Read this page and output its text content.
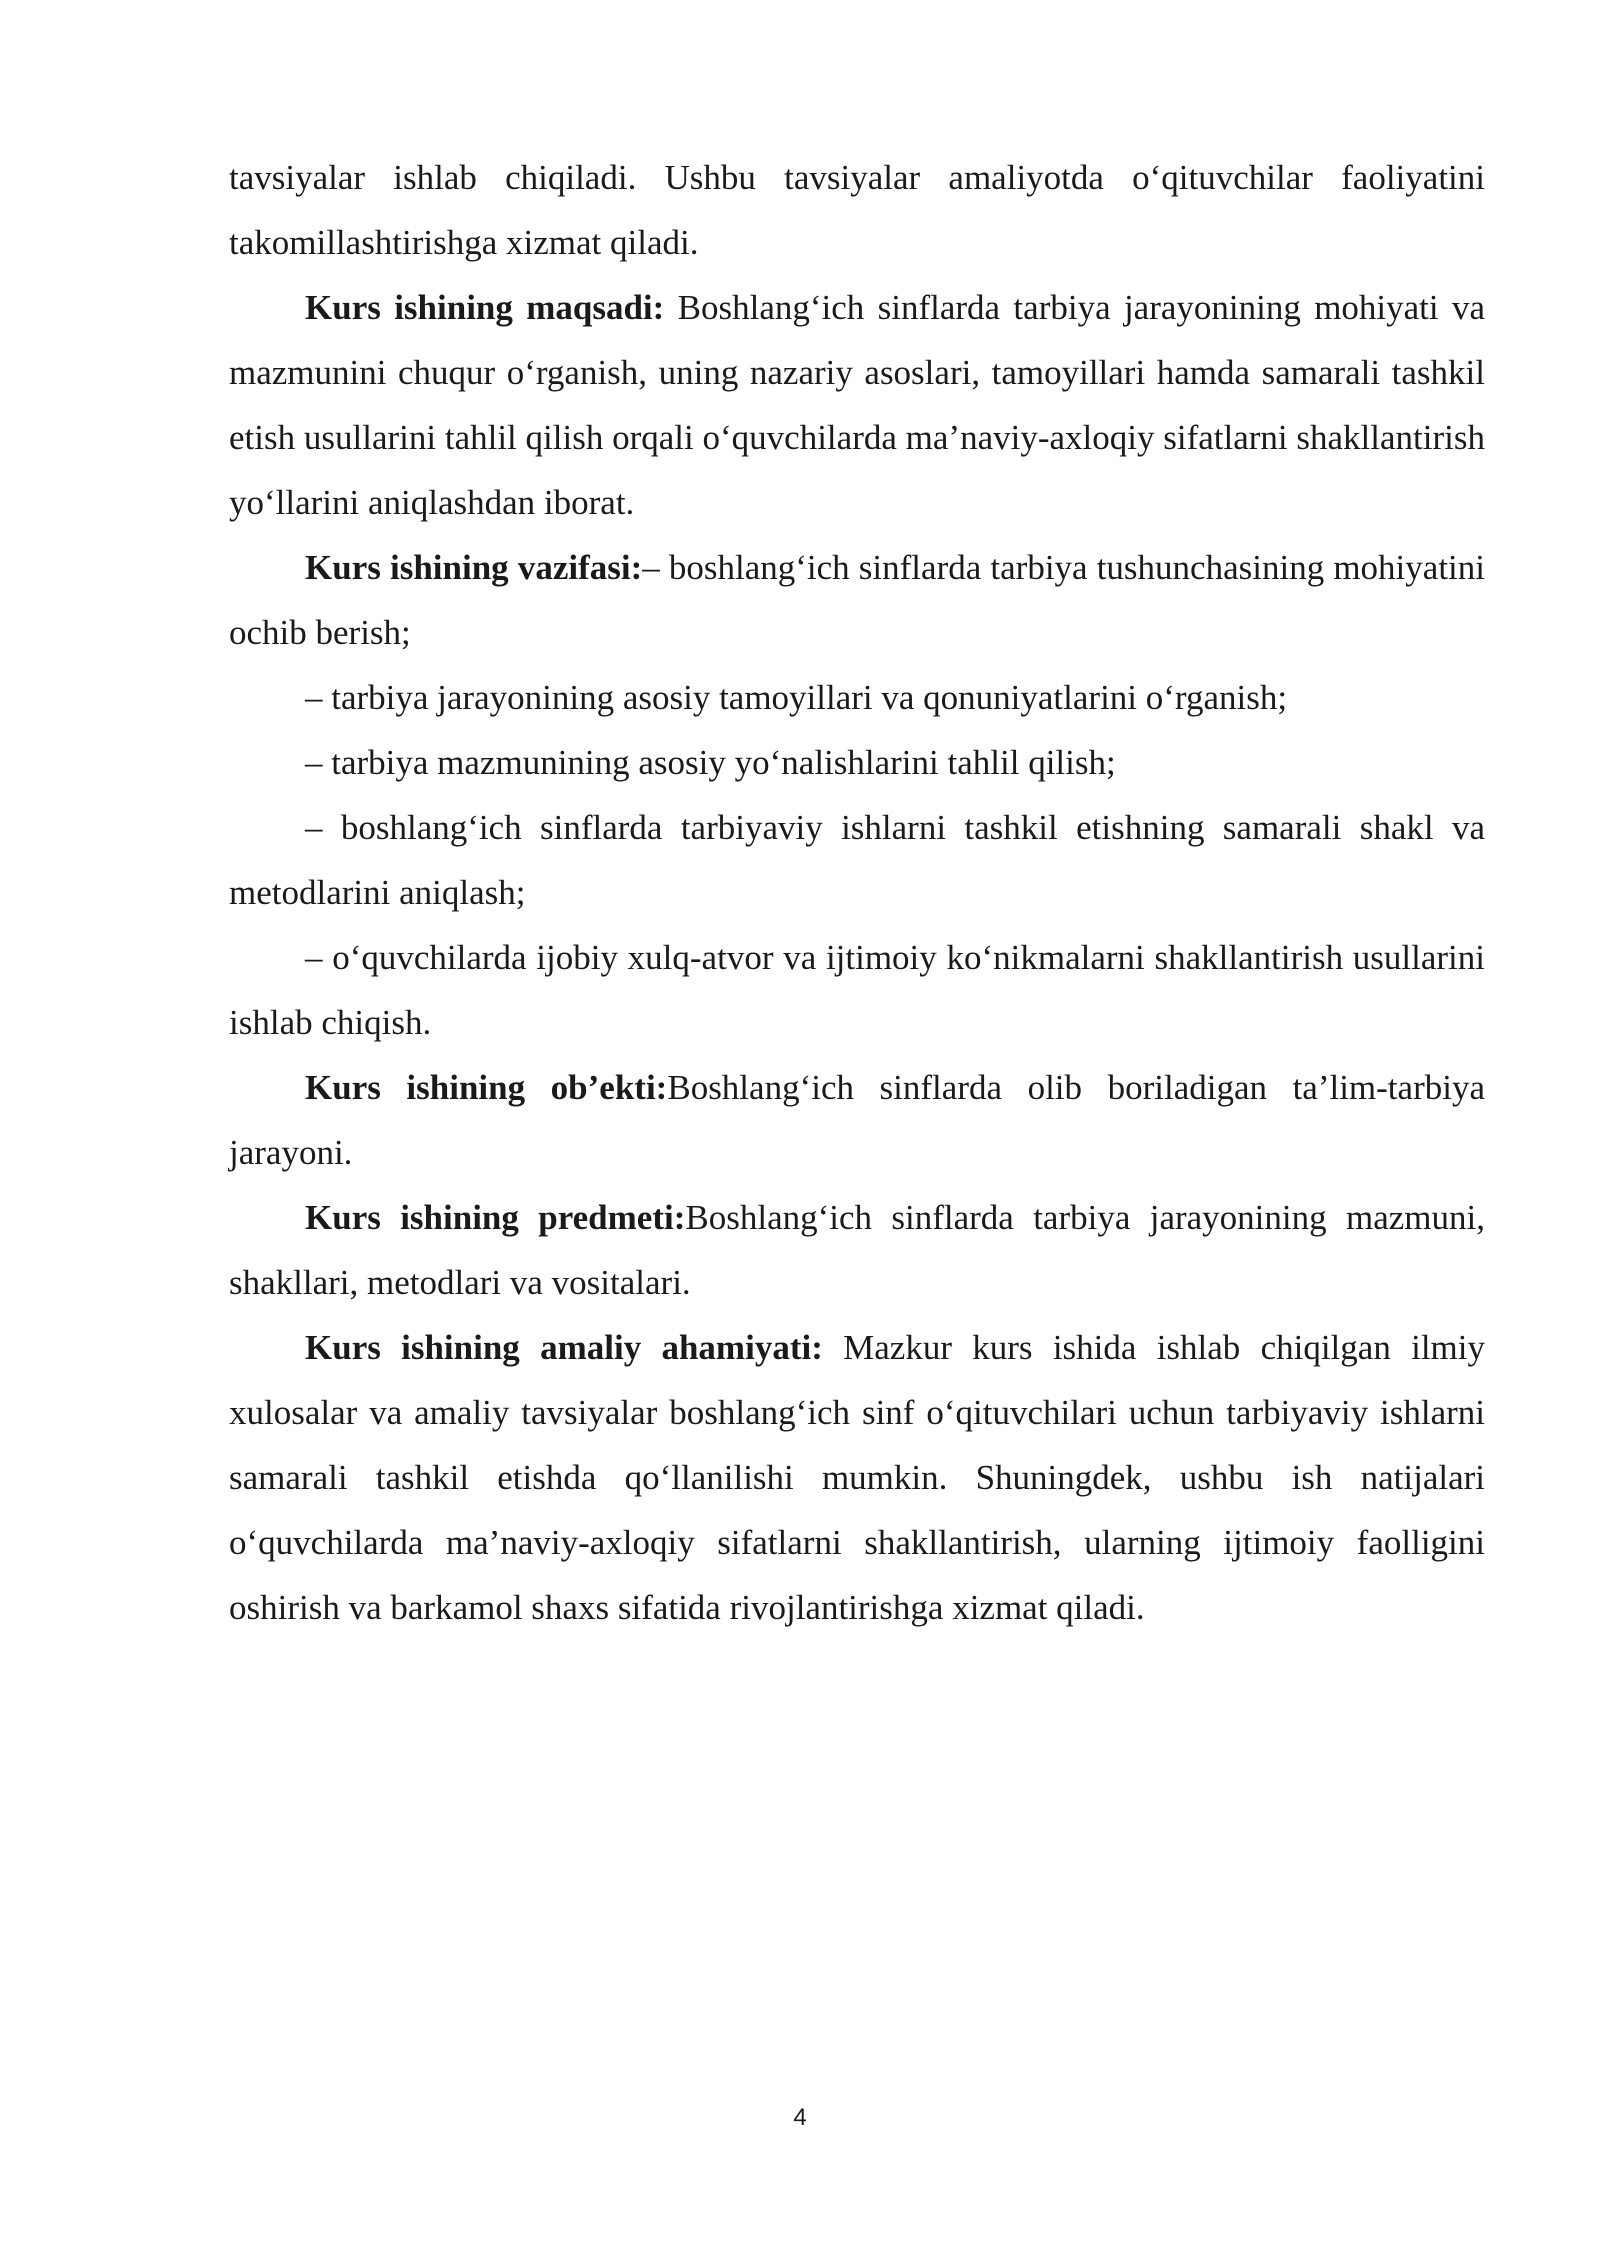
tavsiyalar ishlab chiqiladi. Ushbu tavsiyalar amaliyotda o‘qituvchilar faoliyatini takomillashtirishga xizmat qiladi.

Kurs ishining maqsadi: Boshlang‘ich sinflarda tarbiya jarayonining mohiyati va mazmunini chuqur o‘rganish, uning nazariy asoslari, tamoyillari hamda samarali tashkil etish usullarini tahlil qilish orqali o‘quvchilarda ma’naviy-axloqiy sifatlarni shakllantirish yo‘llarini aniqlashdan iborat.

Kurs ishining vazifasi:– boshlang‘ich sinflarda tarbiya tushunchasining mohiyatini ochib berish;

– tarbiya jarayonining asosiy tamoyillari va qonuniyatlarini o‘rganish;

– tarbiya mazmunining asosiy yo‘nalishlarini tahlil qilish;

– boshlang‘ich sinflarda tarbiyaviy ishlarni tashkil etishning samarali shakl va metodlarini aniqlash;

– o‘quvchilarda ijobiy xulq-atvor va ijtimoiy ko‘nikmalarni shakllantirish usullarini ishlab chiqish.

Kurs ishining ob’ekti:Boshlang‘ich sinflarda olib boriladigan ta’lim-tarbiya jarayoni.

Kurs ishining predmeti:Boshlang‘ich sinflarda tarbiya jarayonining mazmuni, shakllari, metodlari va vositalari.

Kurs ishining amaliy ahamiyati: Mazkur kurs ishida ishlab chiqilgan ilmiy xulosalar va amaliy tavsiyalar boshlang‘ich sinf o‘qituvchilari uchun tarbiyaviy ishlarni samarali tashkil etishda qo‘llanilishi mumkin. Shuningdek, ushbu ish natijalari o‘quvchilarda ma’naviy-axloqiy sifatlarni shakllantirish, ularning ijtimoiy faolligini oshirish va barkamol shaxs sifatida rivojlantirishga xizmat qiladi.

4
